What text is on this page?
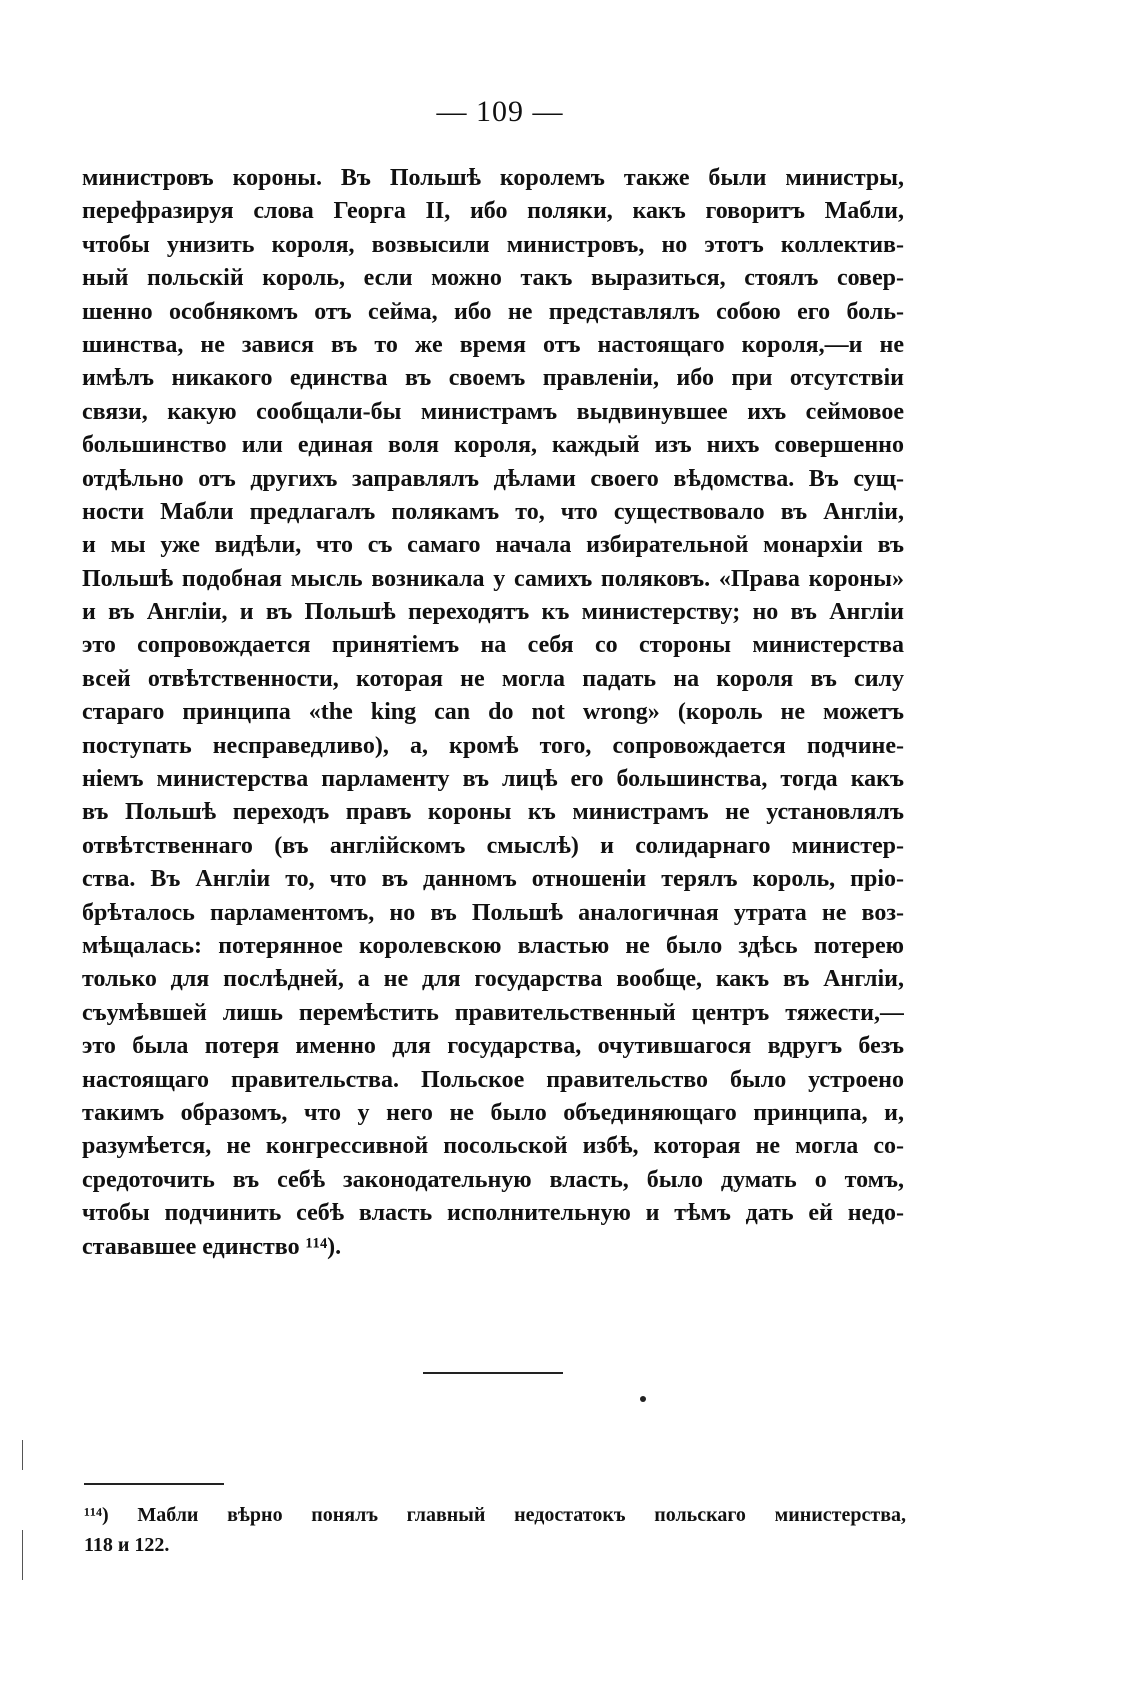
— 109 —
министровъ короны. Въ Польшѣ королемъ также были министры,
перефразируя слова Георга II, ибо поляки, какъ говоритъ Мабли,
чтобы унизить короля, возвысили министровъ, но этотъ коллектив-
ный польскій король, если можно такъ выразиться, стоялъ совер-
шенно особнякомъ отъ сейма, ибо не представлялъ собою его боль-
шинства, не завися въ то же время отъ настоящаго короля,—и не
имѣлъ никакого единства въ своемъ правленіи, ибо при отсутствіи
связи, какую сообщали-бы министрамъ выдвинувшее ихъ сеймовое
большинство или единая воля короля, каждый изъ нихъ совершенно
отдѣльно отъ другихъ заправлялъ дѣлами своего вѣдомства. Въ сущ-
ности Мабли предлагалъ полякамъ то, что существовало въ Англіи,
и мы уже видѣли, что съ самаго начала избирательной монархіи въ
Польшѣ подобная мысль возникала у самихъ поляковъ. «Права короны»
и въ Англіи, и въ Польшѣ переходятъ къ министерству; но въ Англіи
это сопровождается принятіемъ на себя со стороны министерства
всей отвѣтственности, которая не могла падать на короля въ силу
стараго принципа «the king can do not wrong» (король не можетъ
поступать несправедливо), а, кромѣ того, сопровождается подчине-
ніемъ министерства парламенту въ лицѣ его большинства, тогда какъ
въ Польшѣ переходъ правъ короны къ министрамъ не установлялъ
отвѣтственнаго (въ англійскомъ смыслѣ) и солидарнаго министер-
ства. Въ Англіи то, что въ данномъ отношеніи терялъ король, пріо-
брѣталось парламентомъ, но въ Польшѣ аналогичная утрата не воз-
мѣщалась: потерянное королевскою властью не было здѣсь потерею
только для послѣдней, а не для государства вообще, какъ въ Англіи,
съумѣвшей лишь перемѣстить правительственный центръ тяжести,—
это была потеря именно для государства, очутившагося вдругъ безъ
настоящаго правительства. Польское правительство было устроено
такимъ образомъ, что у него не было объединяющаго принципа, и,
разумѣется, не конгрессивной посольской избѣ, которая не могла со-
средоточить въ себѣ законодательную власть, было думать о томъ,
чтобы подчинить себѣ власть исполнительную и тѣмъ дать ей недо-
стававшее единство ¹¹⁴).
¹¹⁴) Мабли вѣрно понялъ главный недостатокъ польскаго министерства,
118 и 122.
